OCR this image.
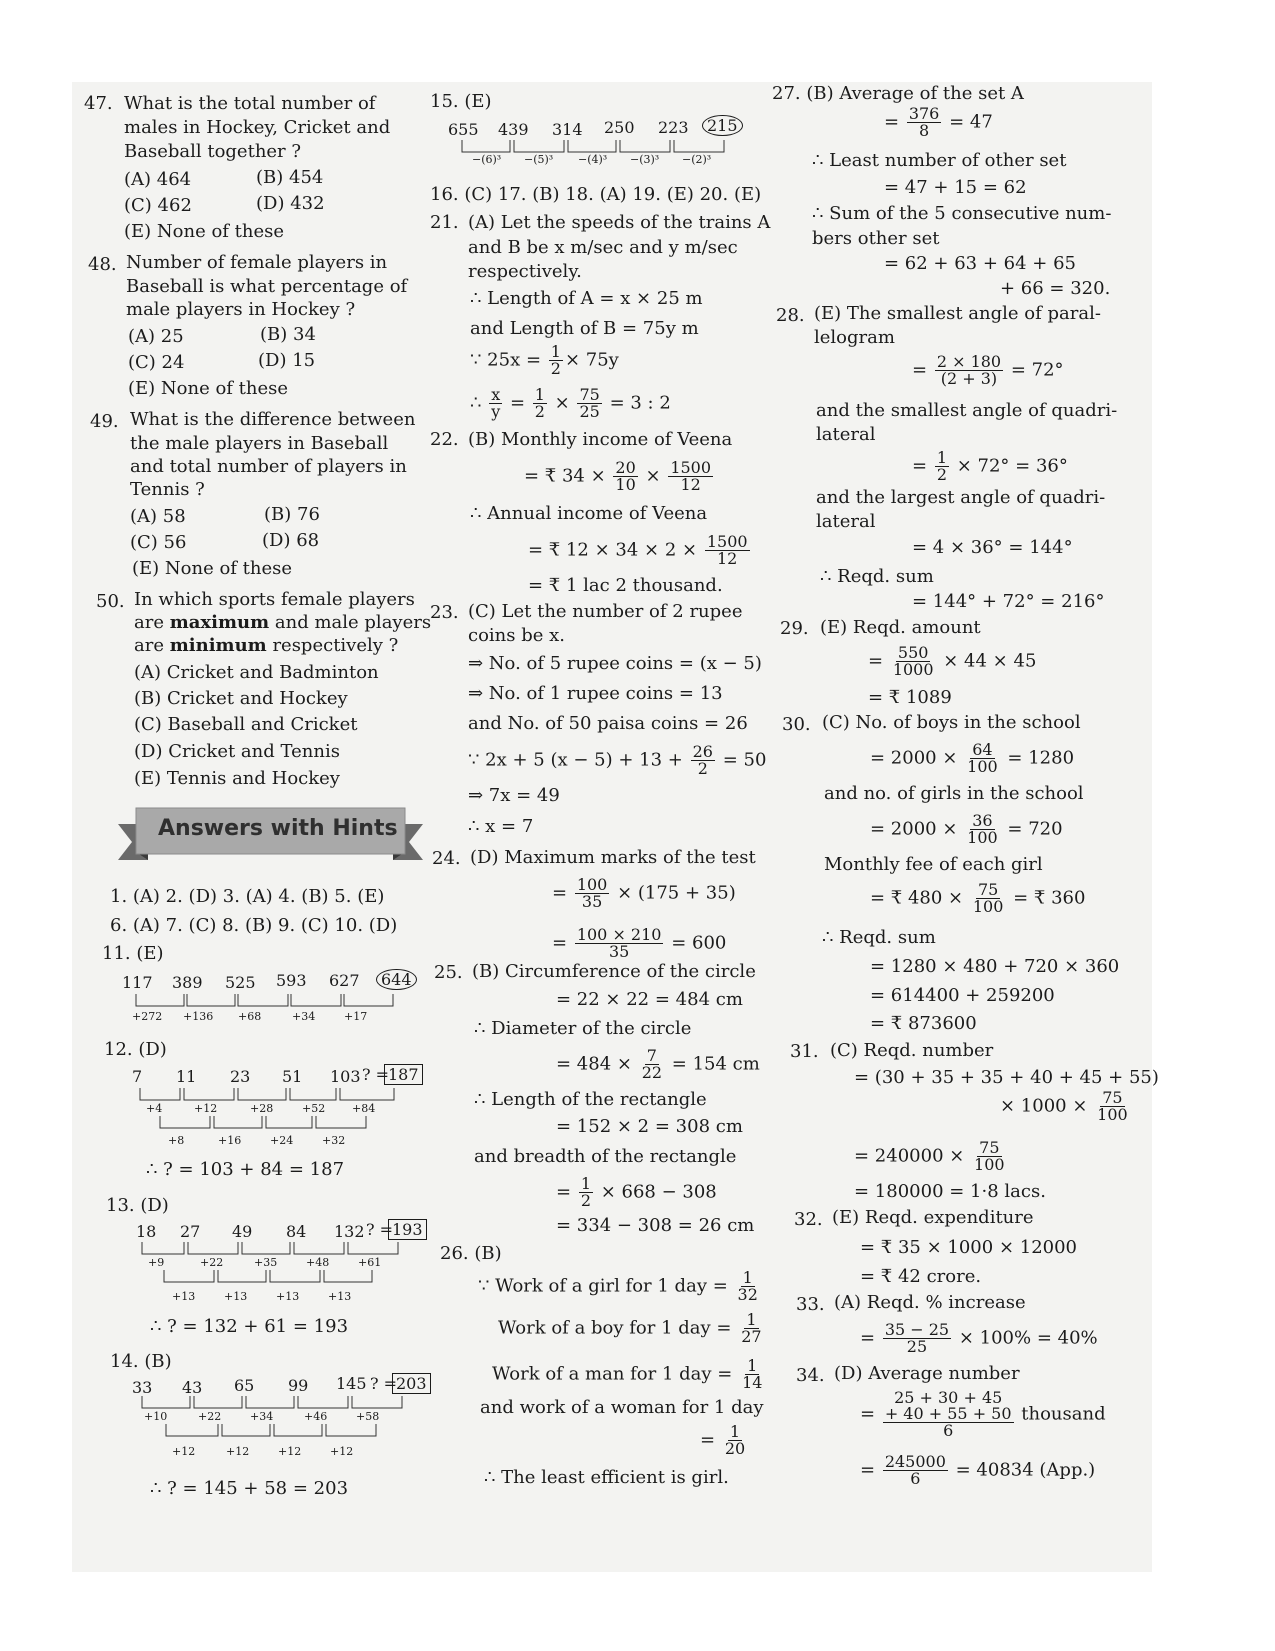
47. What is the total number of
males in Hockey, Cricket and
Baseball together ?
(A) 464	(B) 454
(C) 462	(D) 432
(E) None of these
48. Number of female players in
Baseball is what percentage of
male players in Hockey ?
(A) 25	(B) 34
(C) 24	(D) 15
(E) None of these
49. What is the difference between
the male players in Baseball
and total number of players in
Tennis ?
(A) 58	(B) 76
(C) 56	(D) 68
(E) None of these
50. In which sports female players
are maximum and male players
are minimum respectively ?
(A) Cricket and Badminton
(B) Cricket and Hockey
(C) Baseball and Cricket
(D) Cricket and Tennis
(E) Tennis and Hockey
Answers with Hints
1. (A) 2. (D) 3. (A) 4. (B) 5. (E)
6. (A) 7. (C) 8. (B) 9. (C) 10. (D)
11. (E)
117 389 525 593 627	644
+272 +136 +68	+34	+17
12. (D)
7 11 23 51 103 ? =
187
+4	+12	+28	+52 +84
+8	+16	+24	+32
∴ ? = 103 + 84 = 187
13. (D)
18 27 49 84 132 ? =
193
+9	+22	+35	+48	+61
+13	+13	+13	+13
∴ ? = 132 + 61 = 193
14. (B)
33 43 65 99 145 ? =
203
+10	+22	+34	+46	+58
+12	+12	+12	+12
∴ ? = 145 + 58 = 203
15. (E)
655 439 314 250 223	215
−(6)³ −(5)³ −(4)³ −(3)³ −(2)³
16. (C) 17. (B) 18. (A) 19. (E) 20. (E)
21. (A) Let the speeds of the trains A
and B be x m/sec and y m/sec
respectively.
∴ Length of A = x × 25 m
and Length of B = 75y m
∵ $25x = \frac{1}{2} \times 75y$
∴ $\frac{x}{y} = \frac{1}{2} \times \frac{75}{25} = 3$ : 2
22. (B) Monthly income of Veena
= ₹ $34 \times \frac{20}{10} \times \frac{1500}{12}$
∴ Annual income of Veena
= ₹ $12 \times 34 \times 2 \times \frac{1500}{12}$
= ₹ 1 lac 2 thousand.
23. (C) Let the number of 2 rupee
coins be x.
⇒ No. of 5 rupee coins = (x − 5)
⇒ No. of 1 rupee coins = 13
and No. of 50 paisa coins = 26
∵ 2x + 5 $(x - 5) + 13 + \frac{26}{2} = 50$
⇒ 7x = 49
∴ x = 7
24. (D) Maximum marks of the test
= $\frac{100}{35} \times (175 + 35)$
= $\frac{100 \times 210}{35} = 600$
25. (B) Circumference of the circle
= 22 × 22 = 484 cm
∴ Diameter of the circle
= $484 \times \frac{7}{22} = 154$ cm
∴ Length of the rectangle
= 152 × 2 = 308 cm
and breadth of the rectangle
= $\frac{1}{2} \times 668 - 308$
= 334 − 308 = 26 cm
26. (B)
∵ Work of a girl for 1 day = $\frac{1}{32}$
Work of a boy for 1 day = $\frac{1}{27}$
Work of a man for 1 day = $\frac{1}{14}$
and work of a woman for 1 day
= $\frac{1}{20}$
∴ The least efficient is girl.
27. (B) Average of the set A
= $\frac{376}{8} = 47$
∴ Least number of other set
= 47 + 15 = 62
∴ Sum of the 5 consecutive num-
bers other set
= 62 + 63 + 64 + 65
+ 66 = 320.
28. (E) The smallest angle of paral-
lelogram
= $\frac{2 \times 180}{(2 + 3)} = 72^\circ$
and the smallest angle of quadri-
lateral
= $\frac{1}{2} \times 72^\circ = 36^\circ$
and the largest angle of quadri-
lateral
= 4 × 36° = 144°
∴ Reqd. sum
= 144° + 72° = 216°
29. (E) Reqd. amount
= $\frac{550}{1000} \times 44 \times 45$
= ₹ 1089
30. (C) No. of boys in the school
= $2000 \times \frac{64}{100} = 1280$
and no. of girls in the school
= $2000 \times \frac{36}{100} = 720$
Monthly fee of each girl
= ₹ $480 \times \frac{75}{100}$ = ₹ 360
∴ Reqd. sum
= 1280 × 480 + 720 × 360
= 614400 + 259200
= ₹ 873600
31. (C) Reqd. number
= (30 + 35 + 35 + 40 + 45 + 55)
× $1000 \times \frac{75}{100}$
= $240000 \times \frac{75}{100}$
= 180000 = 1·8 lacs.
32. (E) Reqd. expenditure
= ₹ 35 × 1000 × 12000
= ₹ 42 crore.
33. (A) Reqd. % increase
= $\frac{35 - 25}{25} \times 100\% = 40\%$
34. (D) Average number
=
25 + 30 + 45
+ 40 + 55 + 50
6
thousand
= $\frac{245000}{6} = 40834$ (App.)
